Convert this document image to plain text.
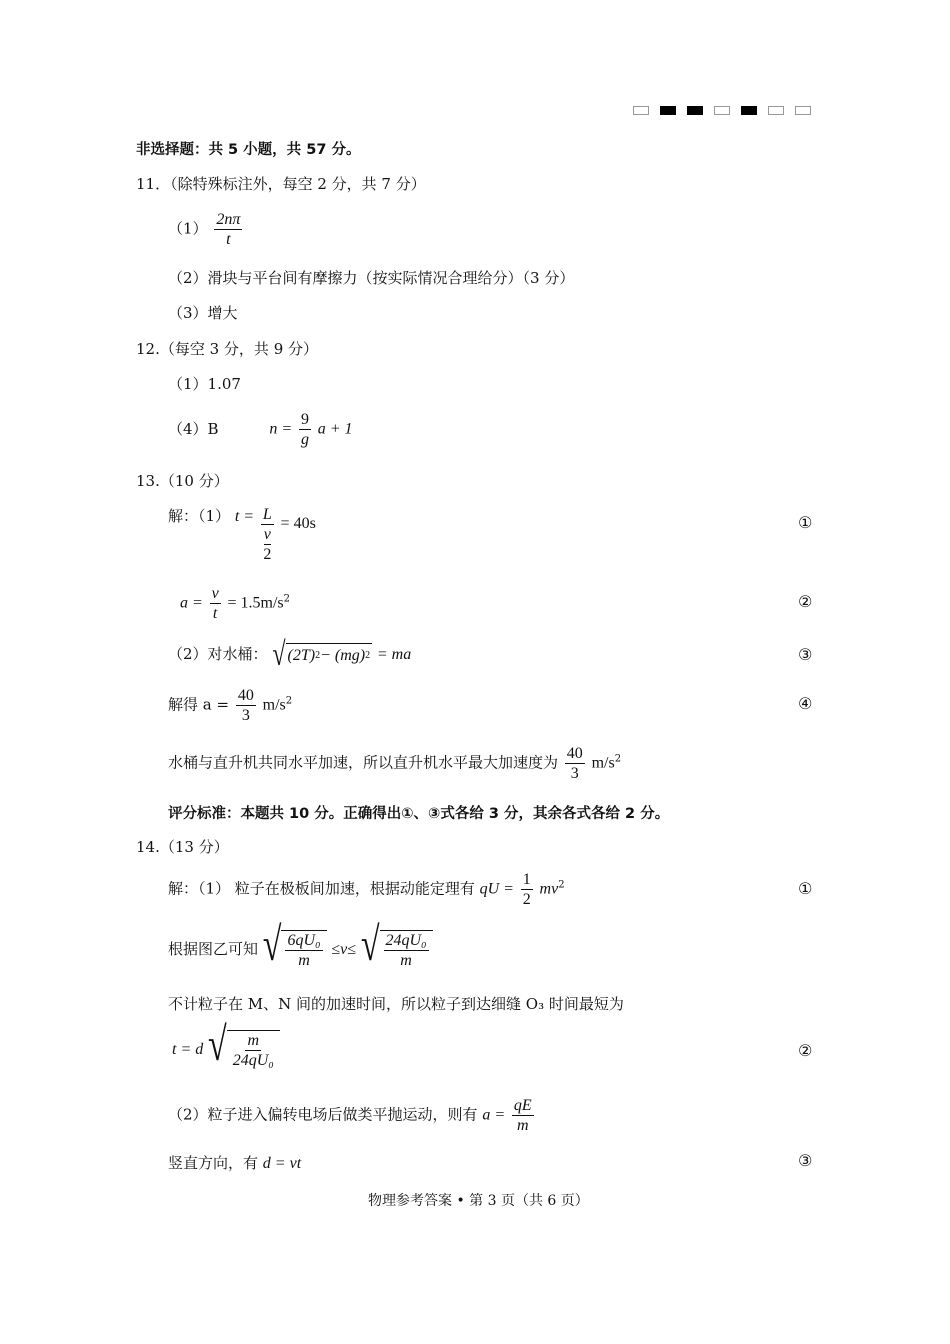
非选择题：共 5 小题，共 57 分。
11．（除特殊标注外，每空 2 分，共 7 分）
$(1) \frac{2n\pi}{t}$
（2）滑块与平台间有摩擦力（按实际情况合理给分）（3 分）
（3）增大
12.（每空 3 分，共 9 分）
（1）1.07
（4）B	$n = \frac{9}{g}$ a + 1
13.（10 分）
解：（1） t = L
v
2 = 40s	①
$a = \frac{v}{t} = 1.5m/s^2$	②
（2）对水桶： √ (2T) 2 − (mg) 2 = ma	③
解得 $a = \frac{40}{3} m/s^2$	④
水桶与直升机共同水平加速，所以直升机水平最大加速度为 $\frac{40}{3} m/s^2$
评分标准：本题共 10 分。正确得出①、③式各给 3 分，其余各式各给 2 分。
14.（13 分）
解：（1） 粒子在极板间加速，根据动能定理有 qU = $\frac{1}{2} mv^2$	①
根据图乙可知 √ $\frac{\text{6qU₀}}{m} \le v\le$ √ $\frac{\text{24qU₀}}{m}$
不计粒子在 M、N 间的加速时间，所以粒子到达细缝 O₃ 时间最短为
t = d √ $\frac{m}{\text{24qU₀}}$	②
（2）粒子进入偏转电场后做类平抛运动，则有 $a = \frac{qE}{m}$
竖直方向，有 d = vt	③
物理参考答案 • 第 3 页（共 6 页）
